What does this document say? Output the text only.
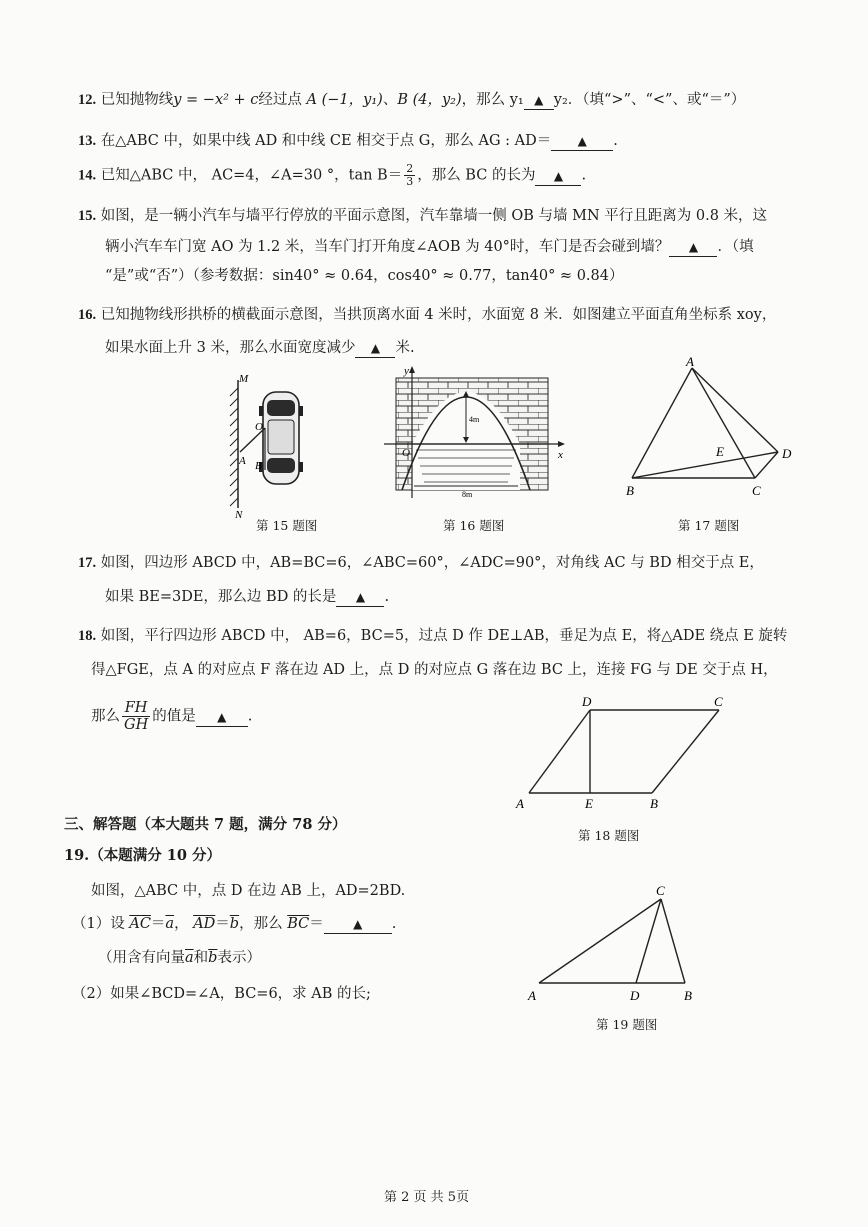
12. 已知抛物线y = −x² + c经过点 A (−1，y₁)、B (4，y₂)，那么 y₁ ▲ y₂．（填“>”、“<”、或“＝”）
13. 在△ABC 中，如果中线 AD 和中线 CE 相交于点 G，那么 AG : AD＝ ▲ .
14. 已知△ABC 中， AC=4，∠A=30 °，$\tan B= \frac{2}{3}$ ，那么 BC 的长为 ▲ .
15. 如图，是一辆小汽车与墙平行停放的平面示意图，汽车靠墙一侧 OB 与墙 MN 平行且距离为 0.8 米，这
辆小汽车车门宽 AO 为 1.2 米，当车门打开角度∠AOB 为 40°时，车门是否会碰到墙？ ▲ ．（填
“是”或“否”）（参考数据：sin40° ≈ 0.64，cos40° ≈ 0.77，tan40° ≈ 0.84）
16. 已知抛物线形拱桥的横截面示意图，当拱顶离水面 4 米时，水面宽 8 米．如图建立平面直角坐标系 xoy，
如果水面上升 3 米，那么水面宽度减少 ▲ 米.
M
N
O
A B
第 15 题图
y
x
O
4m
8m
第 16 题图
A
B	C
D
E
第 17 题图
17. 如图，四边形 ABCD 中，AB=BC=6，∠ABC=60°，∠ADC=90°，对角线 AC 与 BD 相交于点 E，
如果 BE=3DE，那么边 BD 的长是 ▲ .
18. 如图，平行四边形 ABCD 中， AB=6，BC=5，过点 D 作 DE⊥AB，垂足为点 E，将△ADE 绕点 E 旋转
得△FGE，点 A 的对应点 F 落在边 AD 上，点 D 的对应点 G 落在边 BC 上，连接 FG 与 DE 交于点 H，
那么 $\frac{FH}{GH}$ 的值是 ▲ .
A	E	B
C
D
第 18 题图
三、解答题（本大题共 7 题，满分 78 分）
19.（本题满分 10 分）
如图，△ABC 中，点 D 在边 AB 上，AD=2BD.
（1）设 $\overline{AC}=\overline{a}$， $\overline{AD}=\overline{b}$，那么 $\overline{BC}=$ ▲ .
（用含有向量$\overline{a}$和$\overline{b}$表示）
（2）如果∠BCD=∠A，BC=6，求 AB 的长;	A	D	B
C
第 19 题图
第 2 页 共 5页
